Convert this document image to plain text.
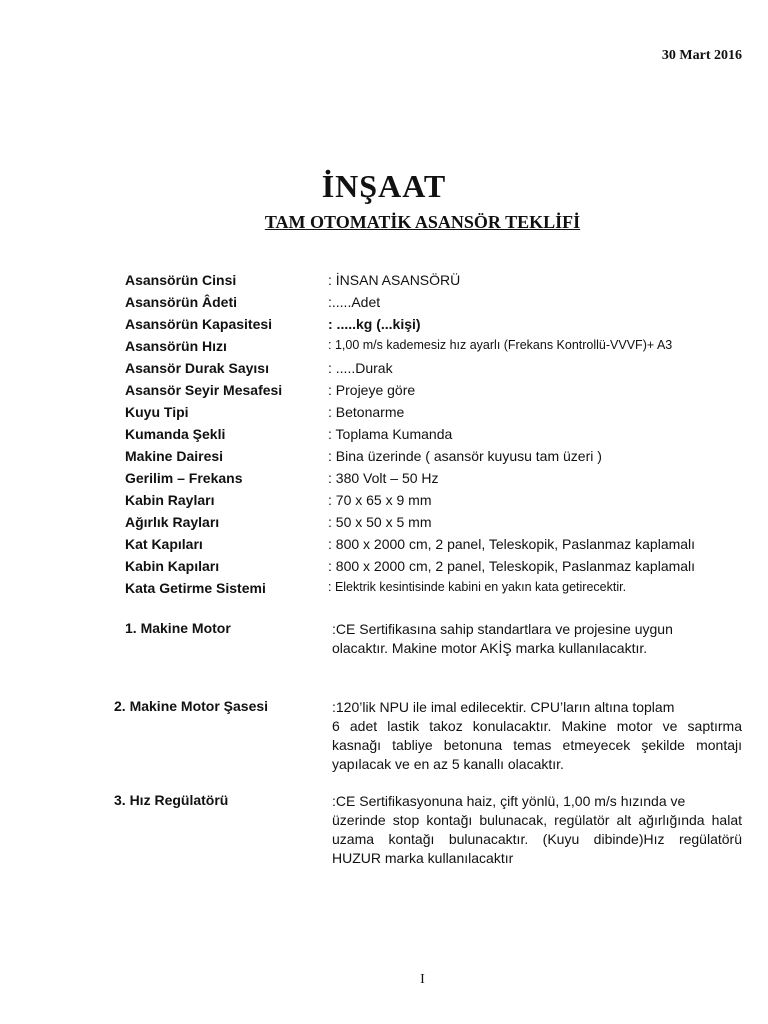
30 Mart 2016
İNŞAAT
TAM OTOMATİK ASANSÖR TEKLİFİ
Asansörün Cinsi	: İNSAN ASANSÖRÜ
Asansörün Âdeti	:.....Adet
Asansörün Kapasitesi	: .....kg (...kişi)
Asansörün Hızı	: 1,00 m/s kademesiz hız ayarlı (Frekans Kontrollü-VVVF)+ A3
Asansör Durak Sayısı	: .....Durak
Asansör Seyir Mesafesi	: Projeye göre
Kuyu Tipi	: Betonarme
Kumanda Şekli	: Toplama Kumanda
Makine Dairesi	: Bina üzerinde ( asansör kuyusu tam üzeri )
Gerilim – Frekans	: 380 Volt – 50 Hz
Kabin Rayları	: 70 x 65 x 9 mm
Ağırlık Rayları	: 50 x 50 x 5 mm
Kat Kapıları	: 800 x 2000 cm, 2 panel, Teleskopik, Paslanmaz kaplamalı
Kabin Kapıları	: 800 x 2000 cm, 2 panel, Teleskopik, Paslanmaz kaplamalı
Kata Getirme Sistemi	: Elektrik kesintisinde kabini en yakın kata getirecektir.
1. Makine Motor	:CE Sertifikasına sahip standartlara ve projesine uygun

olacaktır. Makine motor AKİŞ marka kullanılacaktır.

2. Makine Motor Şasesi	:120’lik NPU ile imal edilecektir. CPU’ların altına toplam

6 adet lastik takoz konulacaktır. Makine motor ve saptırma kasnağı tabliye betonuna temas etmeyecek şekilde montajı yapılacak ve en az 5 kanallı olacaktır.

3. Hız Regülatörü	:CE Sertifikasyonuna haiz, çift yönlü, 1,00 m/s hızında ve

üzerinde stop kontağı bulunacak, regülatör alt ağırlığında halat uzama kontağı bulunacaktır. (Kuyu dibinde)Hız regülatörü HUZUR marka kullanılacaktır

I
